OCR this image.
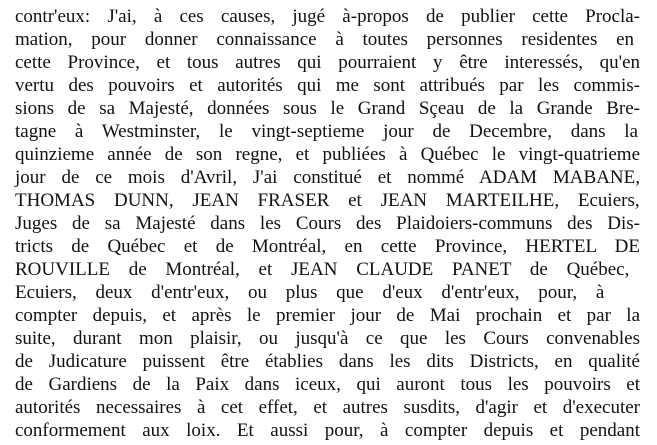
contr'eux: J'ai, à ces causes, jugé à-propos de publier cette Procla-
mation, pour donner connaissance à toutes personnes residentes en
cette Province, et tous autres qui pourraient y être interessés, qu'en
vertu des pouvoirs et autorités qui me sont attribués par les commis-
sions de sa Majesté, données sous le Grand Sçeau de la Grande Bre-
tagne à Westminster, le vingt-septieme jour de Decembre, dans la
quinzieme année de son regne, et publiées à Québec le vingt-quatrieme
jour de ce mois d'Avril, J'ai constitué et nommé ADAM MABANE,
THOMAS DUNN, JEAN FRASER et JEAN MARTEILHE, Ecuiers,
Juges de sa Majesté dans les Cours des Plaidoiers-communs des Dis-
tricts de Québec et de Montréal, en cette Province, HERTEL DE
ROUVILLE de Montréal, et JEAN CLAUDE PANET de Québec,
Ecuiers, deux d'entr'eux, ou plus que d'eux d'entr'eux, pour, à
compter depuis, et après le premier jour de Mai prochain et par la
suite, durant mon plaisir, ou jusqu'à ce que les Cours convenables
de Judicature puissent être établies dans les dits Districts, en qualité
de Gardiens de la Paix dans iceux, qui auront tous les pouvoirs et
autorités necessaires à cet effet, et autres susdits, d'agir et d'executer
conformement aux loix. Et aussi pour, à compter depuis et pendant
